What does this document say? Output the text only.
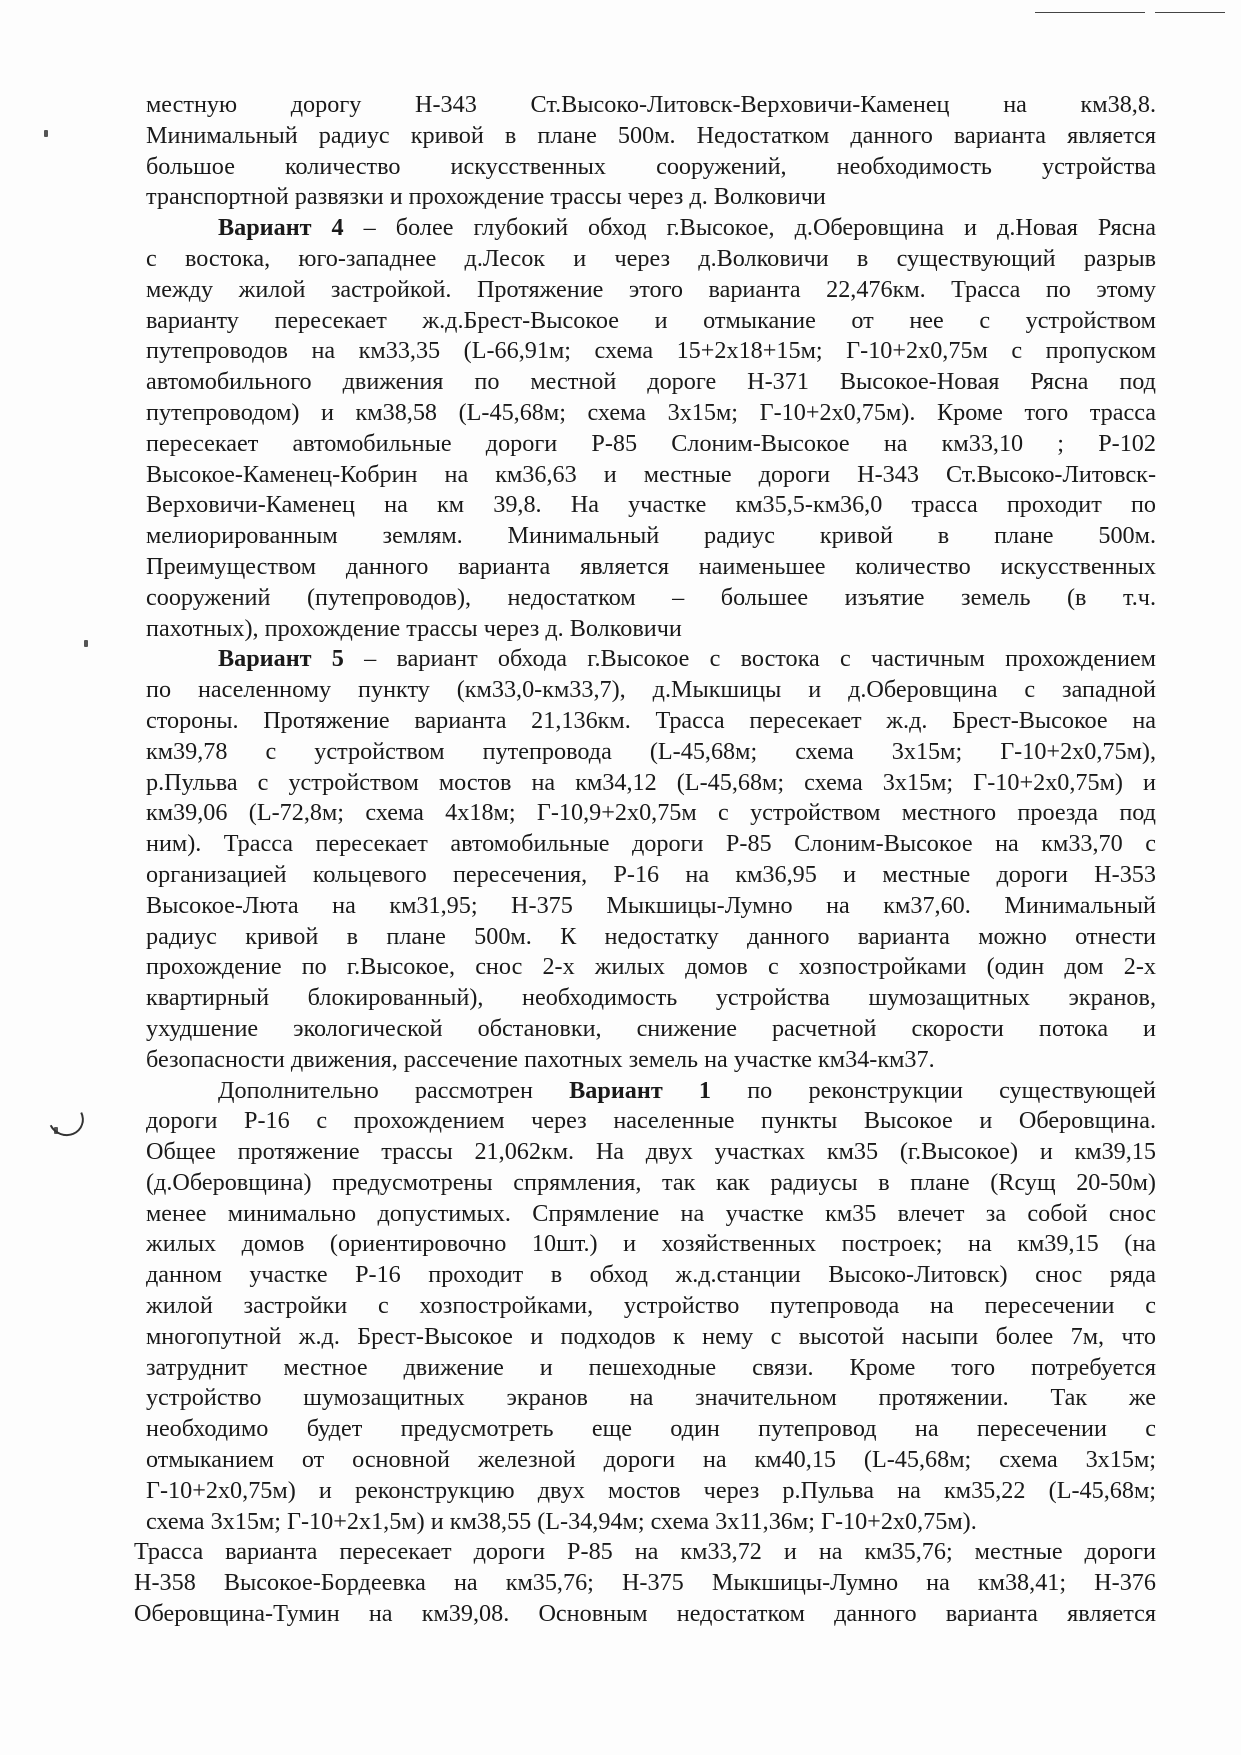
местную дорогу Н-343 Ст.Высоко-Литовск-Верховичи-Каменец на км38,8.
Минимальный радиус кривой в плане 500м. Недостатком данного варианта является
большое количество искусственных сооружений, необходимость устройства
транспортной развязки и прохождение трассы через д. Волковичи
Вариант 4 – более глубокий обход г.Высокое, д.Оберовщина и д.Новая Рясна
с востока, юго-западнее д.Лесок и через д.Волковичи в существующий разрыв
между жилой застройкой. Протяжение этого варианта 22,476км. Трасса по этому
варианту пересекает ж.д.Брест-Высокое и отмыкание от нее с устройством
путепроводов на км33,35 (L-66,91м; схема 15+2х18+15м; Г-10+2х0,75м с пропуском
автомобильного движения по местной дороге Н-371 Высокое-Новая Рясна под
путепроводом) и км38,58 (L-45,68м; схема 3х15м; Г-10+2х0,75м). Кроме того трасса
пересекает автомобильные дороги Р-85 Слоним-Высокое на км33,10 ; Р-102
Высокое-Каменец-Кобрин на км36,63 и местные дороги Н-343 Ст.Высоко-Литовск-
Верховичи-Каменец на км 39,8. На участке км35,5-км36,0 трасса проходит по
мелиорированным землям. Минимальный радиус кривой в плане 500м.
Преимуществом данного варианта является наименьшее количество искусственных
сооружений (путепроводов), недостатком – большее изъятие земель (в т.ч.
пахотных), прохождение трассы через д. Волковичи
Вариант 5 – вариант обхода г.Высокое с востока с частичным прохождением
по населенному пункту (км33,0-км33,7), д.Мыкшицы и д.Оберовщина с западной
стороны. Протяжение варианта 21,136км. Трасса пересекает ж.д. Брест-Высокое на
км39,78 с устройством путепровода (L-45,68м; схема 3х15м; Г-10+2х0,75м),
р.Пульва с устройством мостов на км34,12 (L-45,68м; схема 3х15м; Г-10+2х0,75м) и
км39,06 (L-72,8м; схема 4х18м; Г-10,9+2х0,75м с устройством местного проезда под
ним). Трасса пересекает автомобильные дороги Р-85 Слоним-Высокое на км33,70 с
организацией кольцевого пересечения, Р-16 на км36,95 и местные дороги Н-353
Высокое-Люта на км31,95; Н-375 Мыкшицы-Лумно на км37,60. Минимальный
радиус кривой в плане 500м. К недостатку данного варианта можно отнести
прохождение по г.Высокое, снос 2-х жилых домов с хозпостройками (один дом 2-х
квартирный блокированный), необходимость устройства шумозащитных экранов,
ухудшение экологической обстановки, снижение расчетной скорости потока и
безопасности движения, рассечение пахотных земель на участке км34-км37.
Дополнительно рассмотрен Вариант 1 по реконструкции существующей
дороги Р-16 с прохождением через населенные пункты Высокое и Оберовщина.
Общее протяжение трассы 21,062км. На двух участках км35 (г.Высокое) и км39,15
(д.Оберовщина) предусмотрены спрямления, так как радиусы в плане (Rсущ 20-50м)
менее минимально допустимых. Спрямление на участке км35 влечет за собой снос
жилых домов (ориентировочно 10шт.) и хозяйственных построек; на км39,15 (на
данном участке Р-16 проходит в обход ж.д.станции Высоко-Литовск) снос ряда
жилой застройки с хозпостройками, устройство путепровода на пересечении с
многопутной ж.д. Брест-Высокое и подходов к нему с высотой насыпи более 7м, что
затруднит местное движение и пешеходные связи. Кроме того потребуется
устройство шумозащитных экранов на значительном протяжении. Так же
необходимо будет предусмотреть еще один путепровод на пересечении с
отмыканием от основной железной дороги на км40,15 (L-45,68м; схема 3х15м;
Г-10+2х0,75м) и реконструкцию двух мостов через р.Пульва на км35,22 (L-45,68м;
схема 3х15м; Г-10+2х1,5м) и км38,55 (L-34,94м; схема 3х11,36м; Г-10+2х0,75м).
Трасса варианта пересекает дороги Р-85 на км33,72 и на км35,76; местные дороги
Н-358 Высокое-Бордеевка на км35,76; Н-375 Мыкшицы-Лумно на км38,41; Н-376
Оберовщина-Тумин на км39,08. Основным недостатком данного варианта является
